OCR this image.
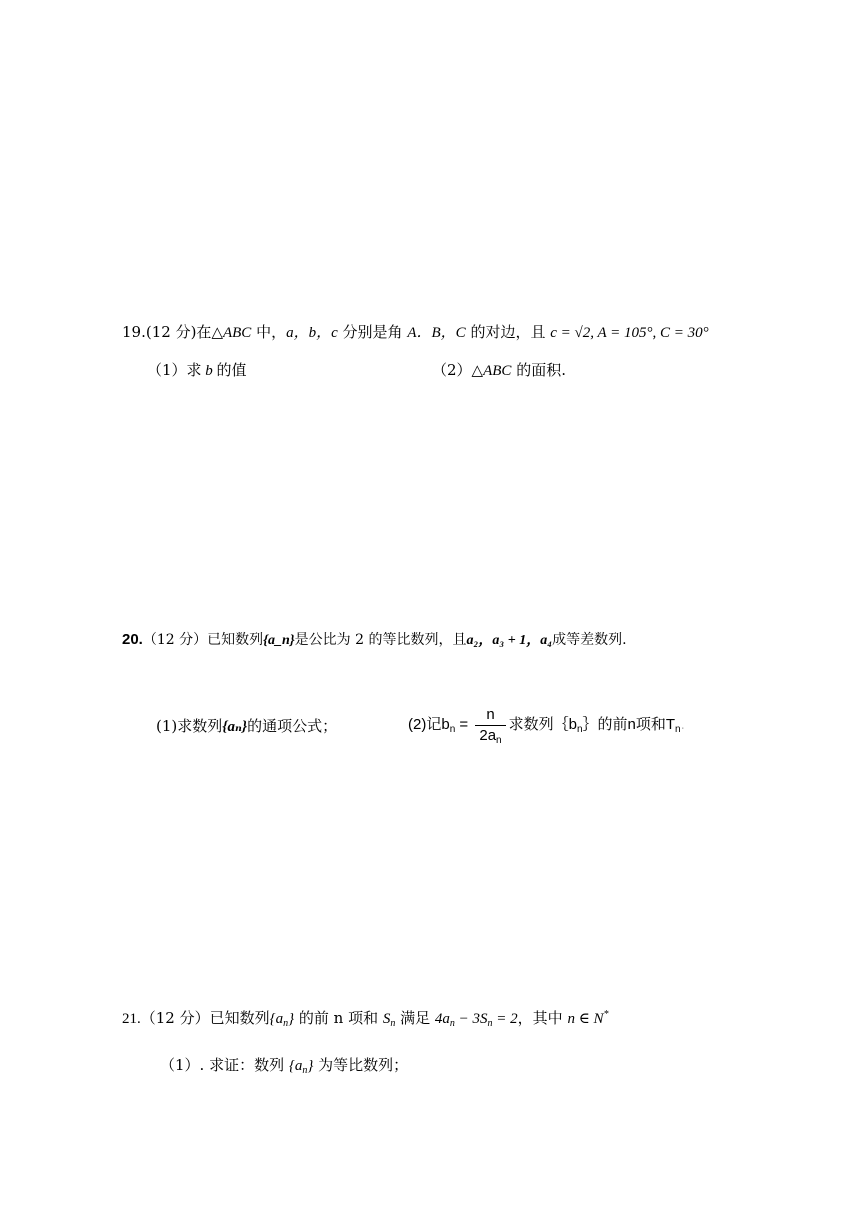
19.(12 分)在△ABC 中，a，b，c 分别是角 A．B，C 的对边，且 c = √2, A = 105°, C = 30°
（1）求 b 的值	（2）△ABC 的面积.
20.（12 分）已知数列{a_n}是公比为 2 的等比数列，且a₂，a₃ + 1，a₄成等差数列.
(1)求数列{aₙ}的通项公式；	(2)记$b_n = \frac{n}{2a_n}$ 求数列$\{b_n\}$的前n项和$T_n$.
21.（12 分）已知数列$\{a_n\}$ 的前 n 项和 $S_n$ 满足 $4a_n - 3S_n = 2$，其中 n ∈ N*
（1）. 求证：数列 $\{a_n\}$ 为等比数列；
